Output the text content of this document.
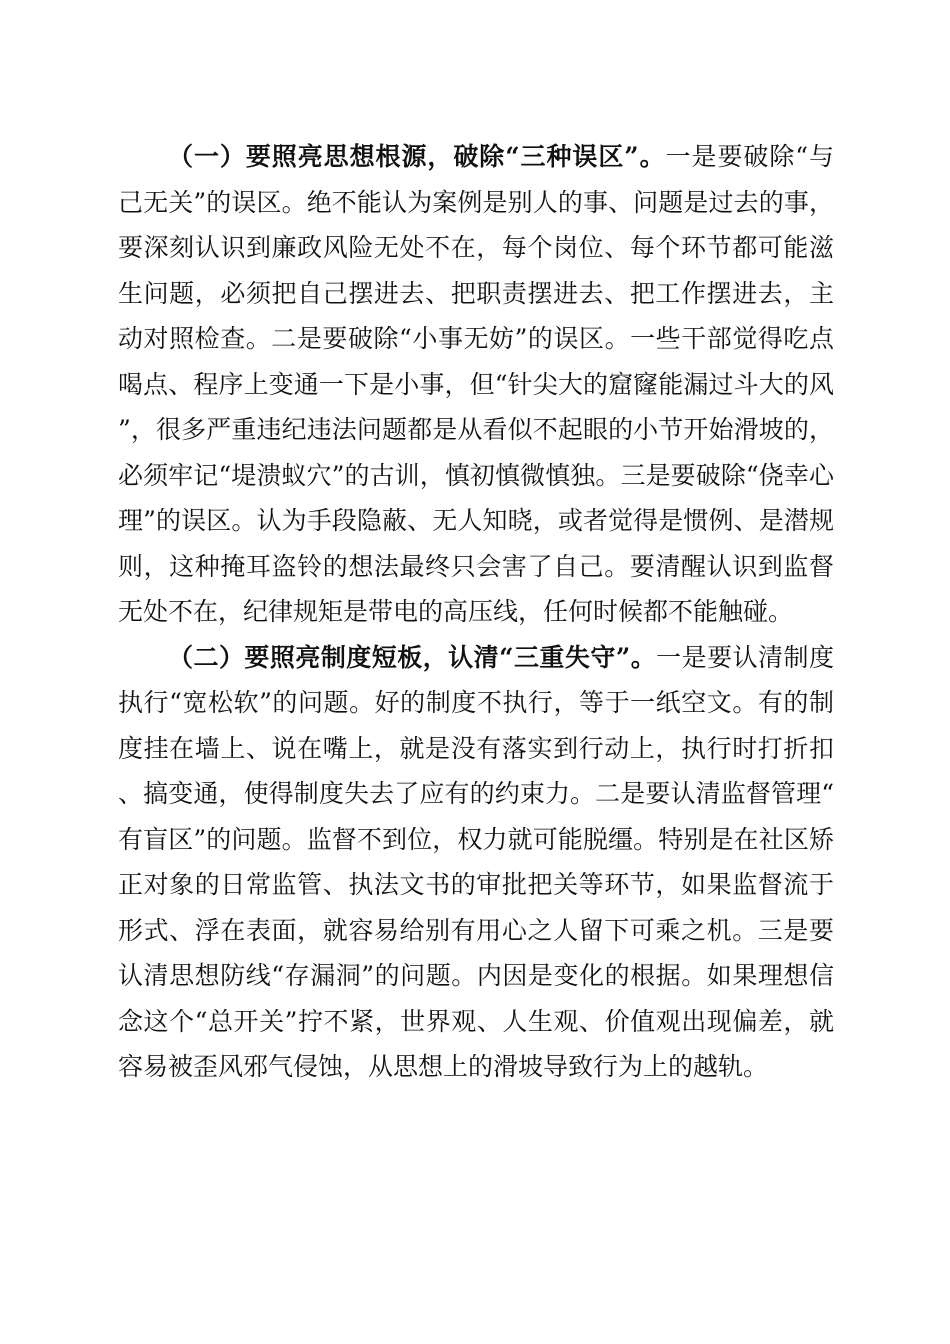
（一）要照亮思想根源，破除“三种误区”。一是要破除“与己无关”的误区。绝不能认为案例是别人的事、问题是过去的事，要深刻认识到廉政风险无处不在，每个岗位、每个环节都可能滋生问题，必须把自己摆进去、把职责摆进去、把工作摆进去，主动对照检查。二是要破除“小事无妨”的误区。一些干部觉得吃点喝点、程序上变通一下是小事，但“针尖大的窟窿能漏过斗大的风”，很多严重违纪违法问题都是从看似不起眼的小节开始滑坡的，必须牢记“堤溃蚁穴”的古训，慎初慎微慎独。三是要破除“侥幸心理”的误区。认为手段隐蔽、无人知晓，或者觉得是惯例、是潜规则，这种掩耳盗铃的想法最终只会害了自己。要清醒认识到监督无处不在，纪律规矩是带电的高压线，任何时候都不能触碰。

（二）要照亮制度短板，认清“三重失守”。一是要认清制度执行“宽松软”的问题。好的制度不执行，等于一纸空文。有的制度挂在墙上、说在嘴上，就是没有落实到行动上，执行时打折扣、搞变通，使得制度失去了应有的约束力。二是要认清监督管理“有盲区”的问题。监督不到位，权力就可能脱缰。特别是在社区矫正对象的日常监管、执法文书的审批把关等环节，如果监督流于形式、浮在表面，就容易给别有用心之人留下可乘之机。三是要认清思想防线“存漏洞”的问题。内因是变化的根据。如果理想信念这个“总开关”拧不紧，世界观、人生观、价值观出现偏差，就容易被歪风邪气侵蚀，从思想上的滑坡导致行为上的越轨。
